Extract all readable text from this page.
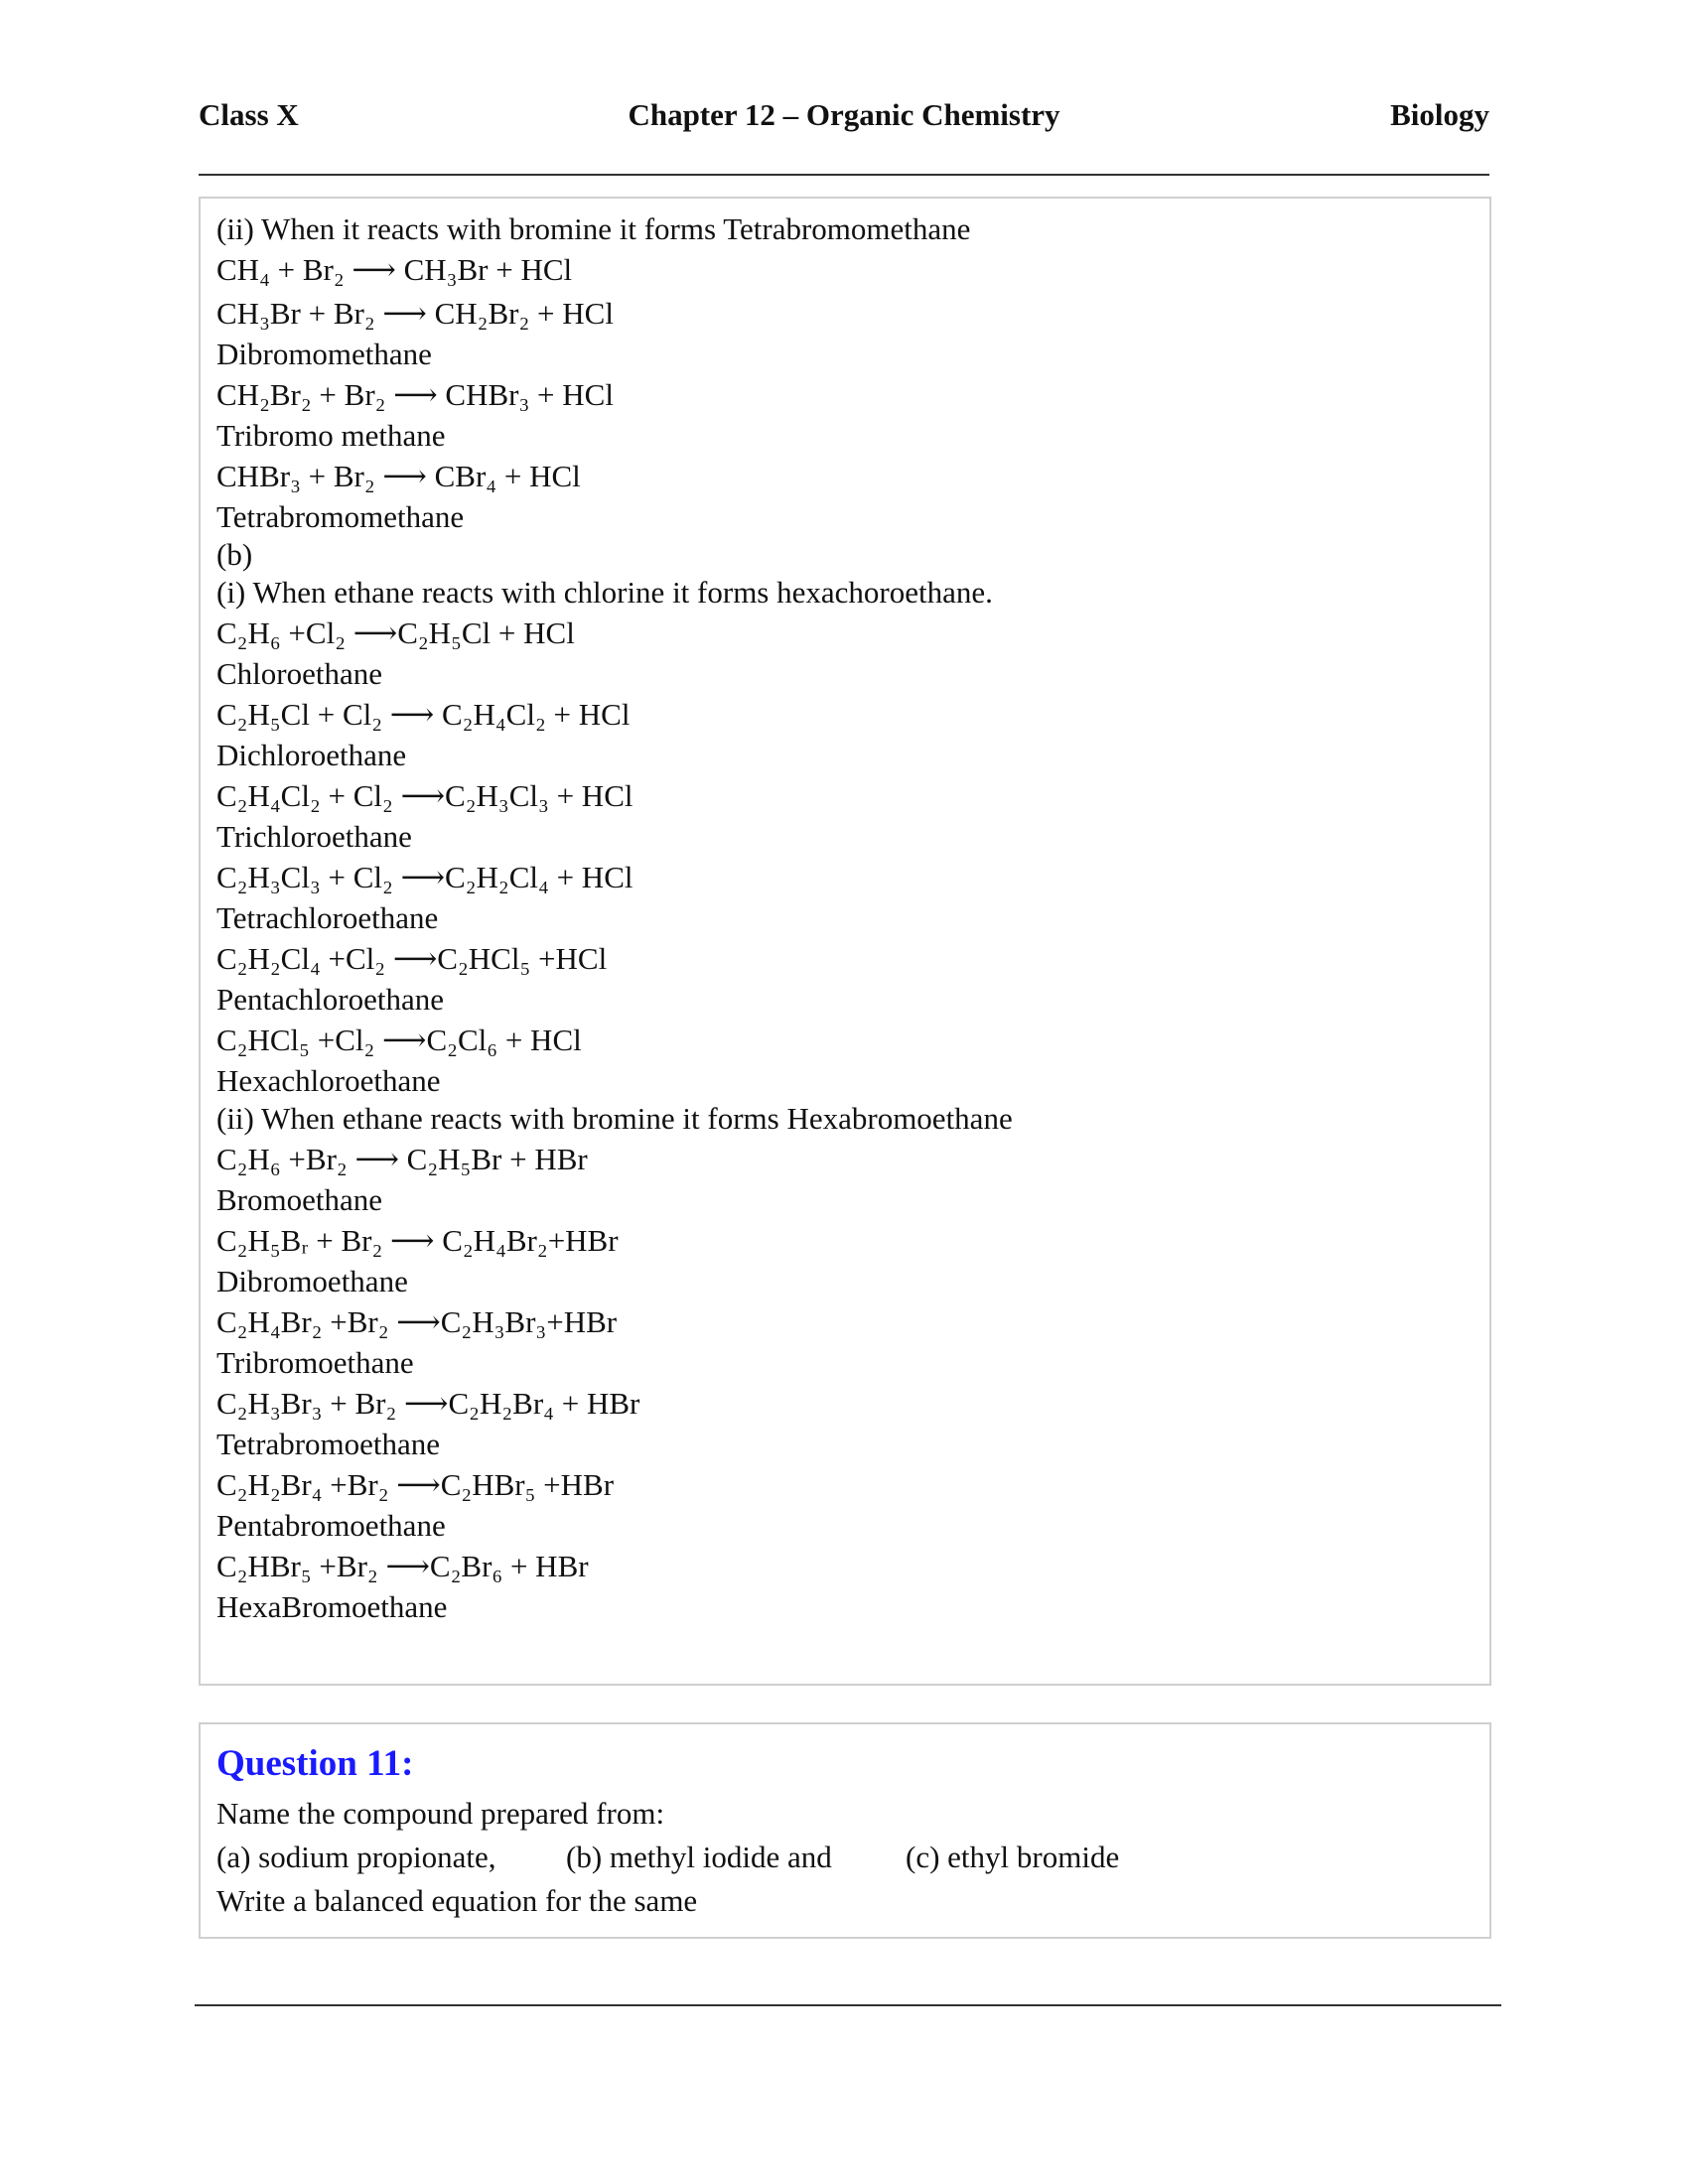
Class X	Chapter 12 – Organic Chemistry	Biology
(ii) When it reacts with bromine it forms Tetrabromomethane
CH₄ + Br₂ ⟶ CH₃Br + HCl
CH₃Br + Br₂ ⟶ CH₂Br₂ + HCl
Dibromomethane
CH₂Br₂ + Br₂ ⟶ CHBr₃ + HCl
Tribromo methane
CHBr₃ + Br₂ ⟶ CBr₄ + HCl
Tetrabromomethane
(b)
(i) When ethane reacts with chlorine it forms hexachoroethane.
C₂H₆ +Cl₂ ⟶C₂H₅Cl + HCl
Chloroethane
C₂H₅Cl + Cl₂ ⟶ C₂H₄Cl₂ + HCl
Dichloroethane
C₂H₄Cl₂ + Cl₂ ⟶C₂H₃Cl₃ + HCl
Trichloroethane
C₂H₃Cl₃ + Cl₂ ⟶C₂H₂Cl₄ + HCl
Tetrachloroethane
C₂H₂Cl₄ +Cl₂ ⟶C₂HCl₅ +HCl
Pentachloroethane
C₂HCl₅ +Cl₂ ⟶C₂Cl₆ + HCl
Hexachloroethane
(ii) When ethane reacts with bromine it forms Hexabromoethane
C₂H₆ +Br₂ ⟶ C₂H₅Br + HBr
Bromoethane
C₂H₅Bᵣ + Br₂ ⟶ C₂H₄Br₂+HBr
Dibromoethane
C₂H₄Br₂ +Br₂ ⟶C₂H₃Br₃+HBr
Tribromoethane
C₂H₃Br₃ + Br₂ ⟶C₂H₂Br₄ + HBr
Tetrabromoethane
C₂H₂Br₄ +Br₂ ⟶C₂HBr₅ +HBr
Pentabromoethane
C₂HBr₅ +Br₂ ⟶C₂Br₆ + HBr
HexaBromoethane
Question 11:
Name the compound prepared from:
(a) sodium propionate, (b) methyl iodide and (c) ethyl bromide
Write a balanced equation for the same
